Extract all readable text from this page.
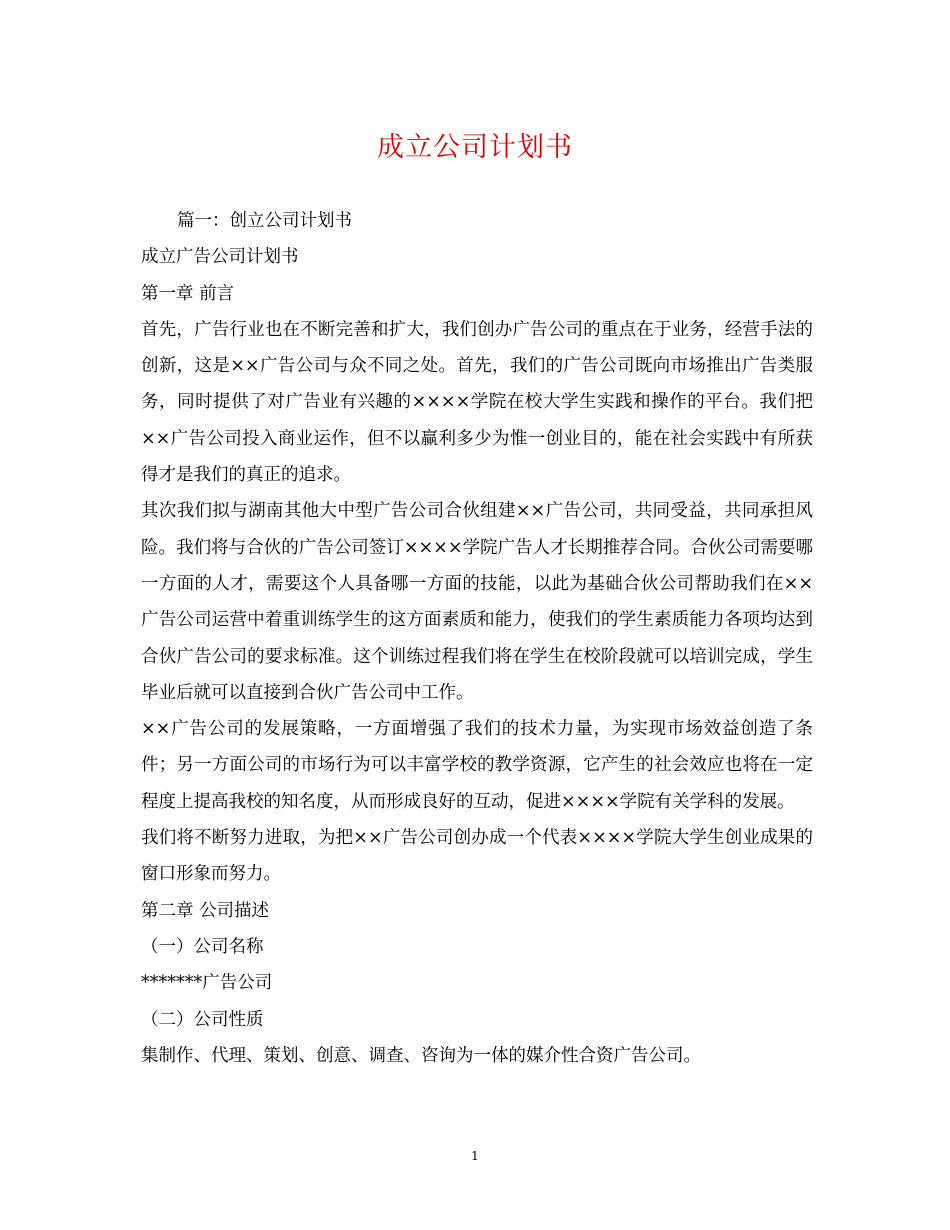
成立公司计划书

篇一：创立公司计划书

成立广告公司计划书

第一章 前言

首先，广告行业也在不断完善和扩大，我们创办广告公司的重点在于业务，经营手法的创新，这是××广告公司与众不同之处。首先，我们的广告公司既向市场推出广告类服务，同时提供了对广告业有兴趣的××××学院在校大学生实践和操作的平台。我们把××广告公司投入商业运作，但不以赢利多少为惟一创业目的，能在社会实践中有所获得才是我们的真正的追求。

其次我们拟与湖南其他大中型广告公司合伙组建××广告公司，共同受益，共同承担风险。我们将与合伙的广告公司签订××××学院广告人才长期推荐合同。合伙公司需要哪一方面的人才，需要这个人具备哪一方面的技能，以此为基础合伙公司帮助我们在××广告公司运营中着重训练学生的这方面素质和能力，使我们的学生素质能力各项均达到合伙广告公司的要求标准。这个训练过程我们将在学生在校阶段就可以培训完成，学生毕业后就可以直接到合伙广告公司中工作。

××广告公司的发展策略，一方面增强了我们的技术力量，为实现市场效益创造了条件；另一方面公司的市场行为可以丰富学校的教学资源，它产生的社会效应也将在一定程度上提高我校的知名度，从而形成良好的互动，促进××××学院有关学科的发展。

我们将不断努力进取，为把××广告公司创办成一个代表××××学院大学生创业成果的窗口形象而努力。

第二章 公司描述

（一）公司名称

*******广告公司

（二）公司性质

集制作、代理、策划、创意、调查、咨询为一体的媒介性合资广告公司。

1
